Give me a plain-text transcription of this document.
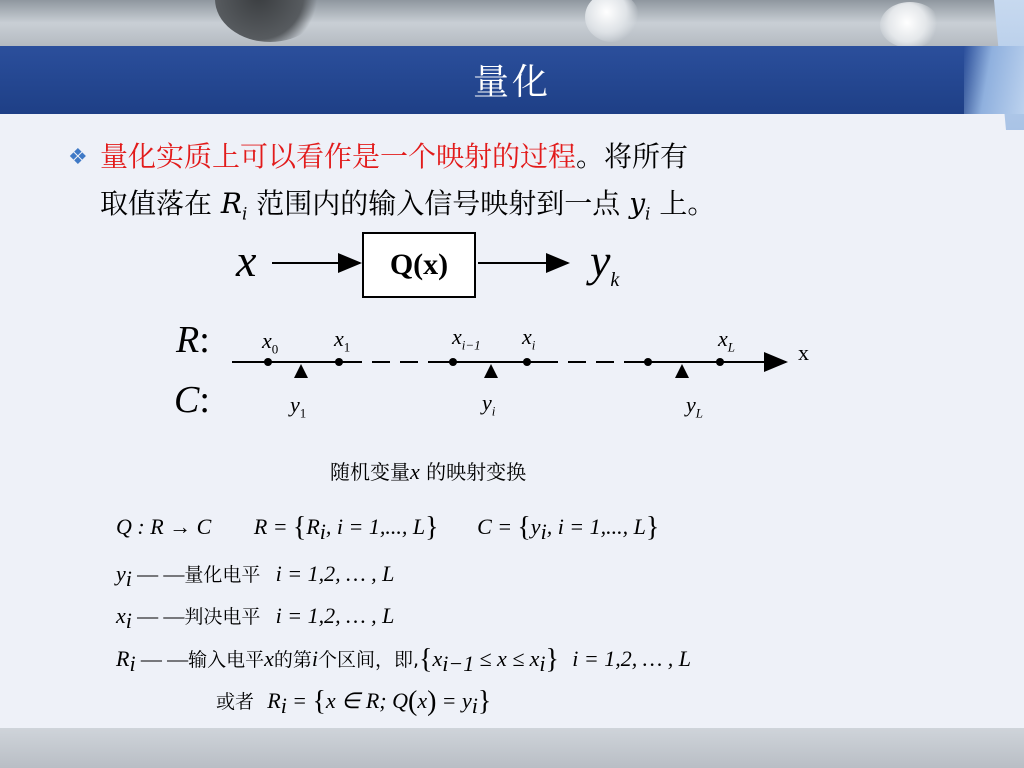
量化
❖ 量化实质上可以看作是一个映射的过程。将所有
取值落在 $R_i$ 范围内的输入信号映射到一点 $y_i$ 上。
x	Q(x)	$y_k$
R:
C:
$x_0$	$x_1$	$x_{i-1}$ $x_i$	$x_L$	x
$y_1$	$y_i$	$y_L$
随机变量x 的映射变换
Q : R → C $R = \{R_i$, i = 1,..., L} $C = \{y_i$, i = 1,..., L}
$y_i$ — —量化电平 i = 1,2, … , L
$x_i$ — —判决电平 i = 1,2, … , L
$R_i$ — —输入电平x的第i个区间，即$,\{x_{i-1} \le x \le x_i\} i = 1,2$, … , L
或者 $R_i = \{x$ ∈ R; $Q(x) = y_i$}
